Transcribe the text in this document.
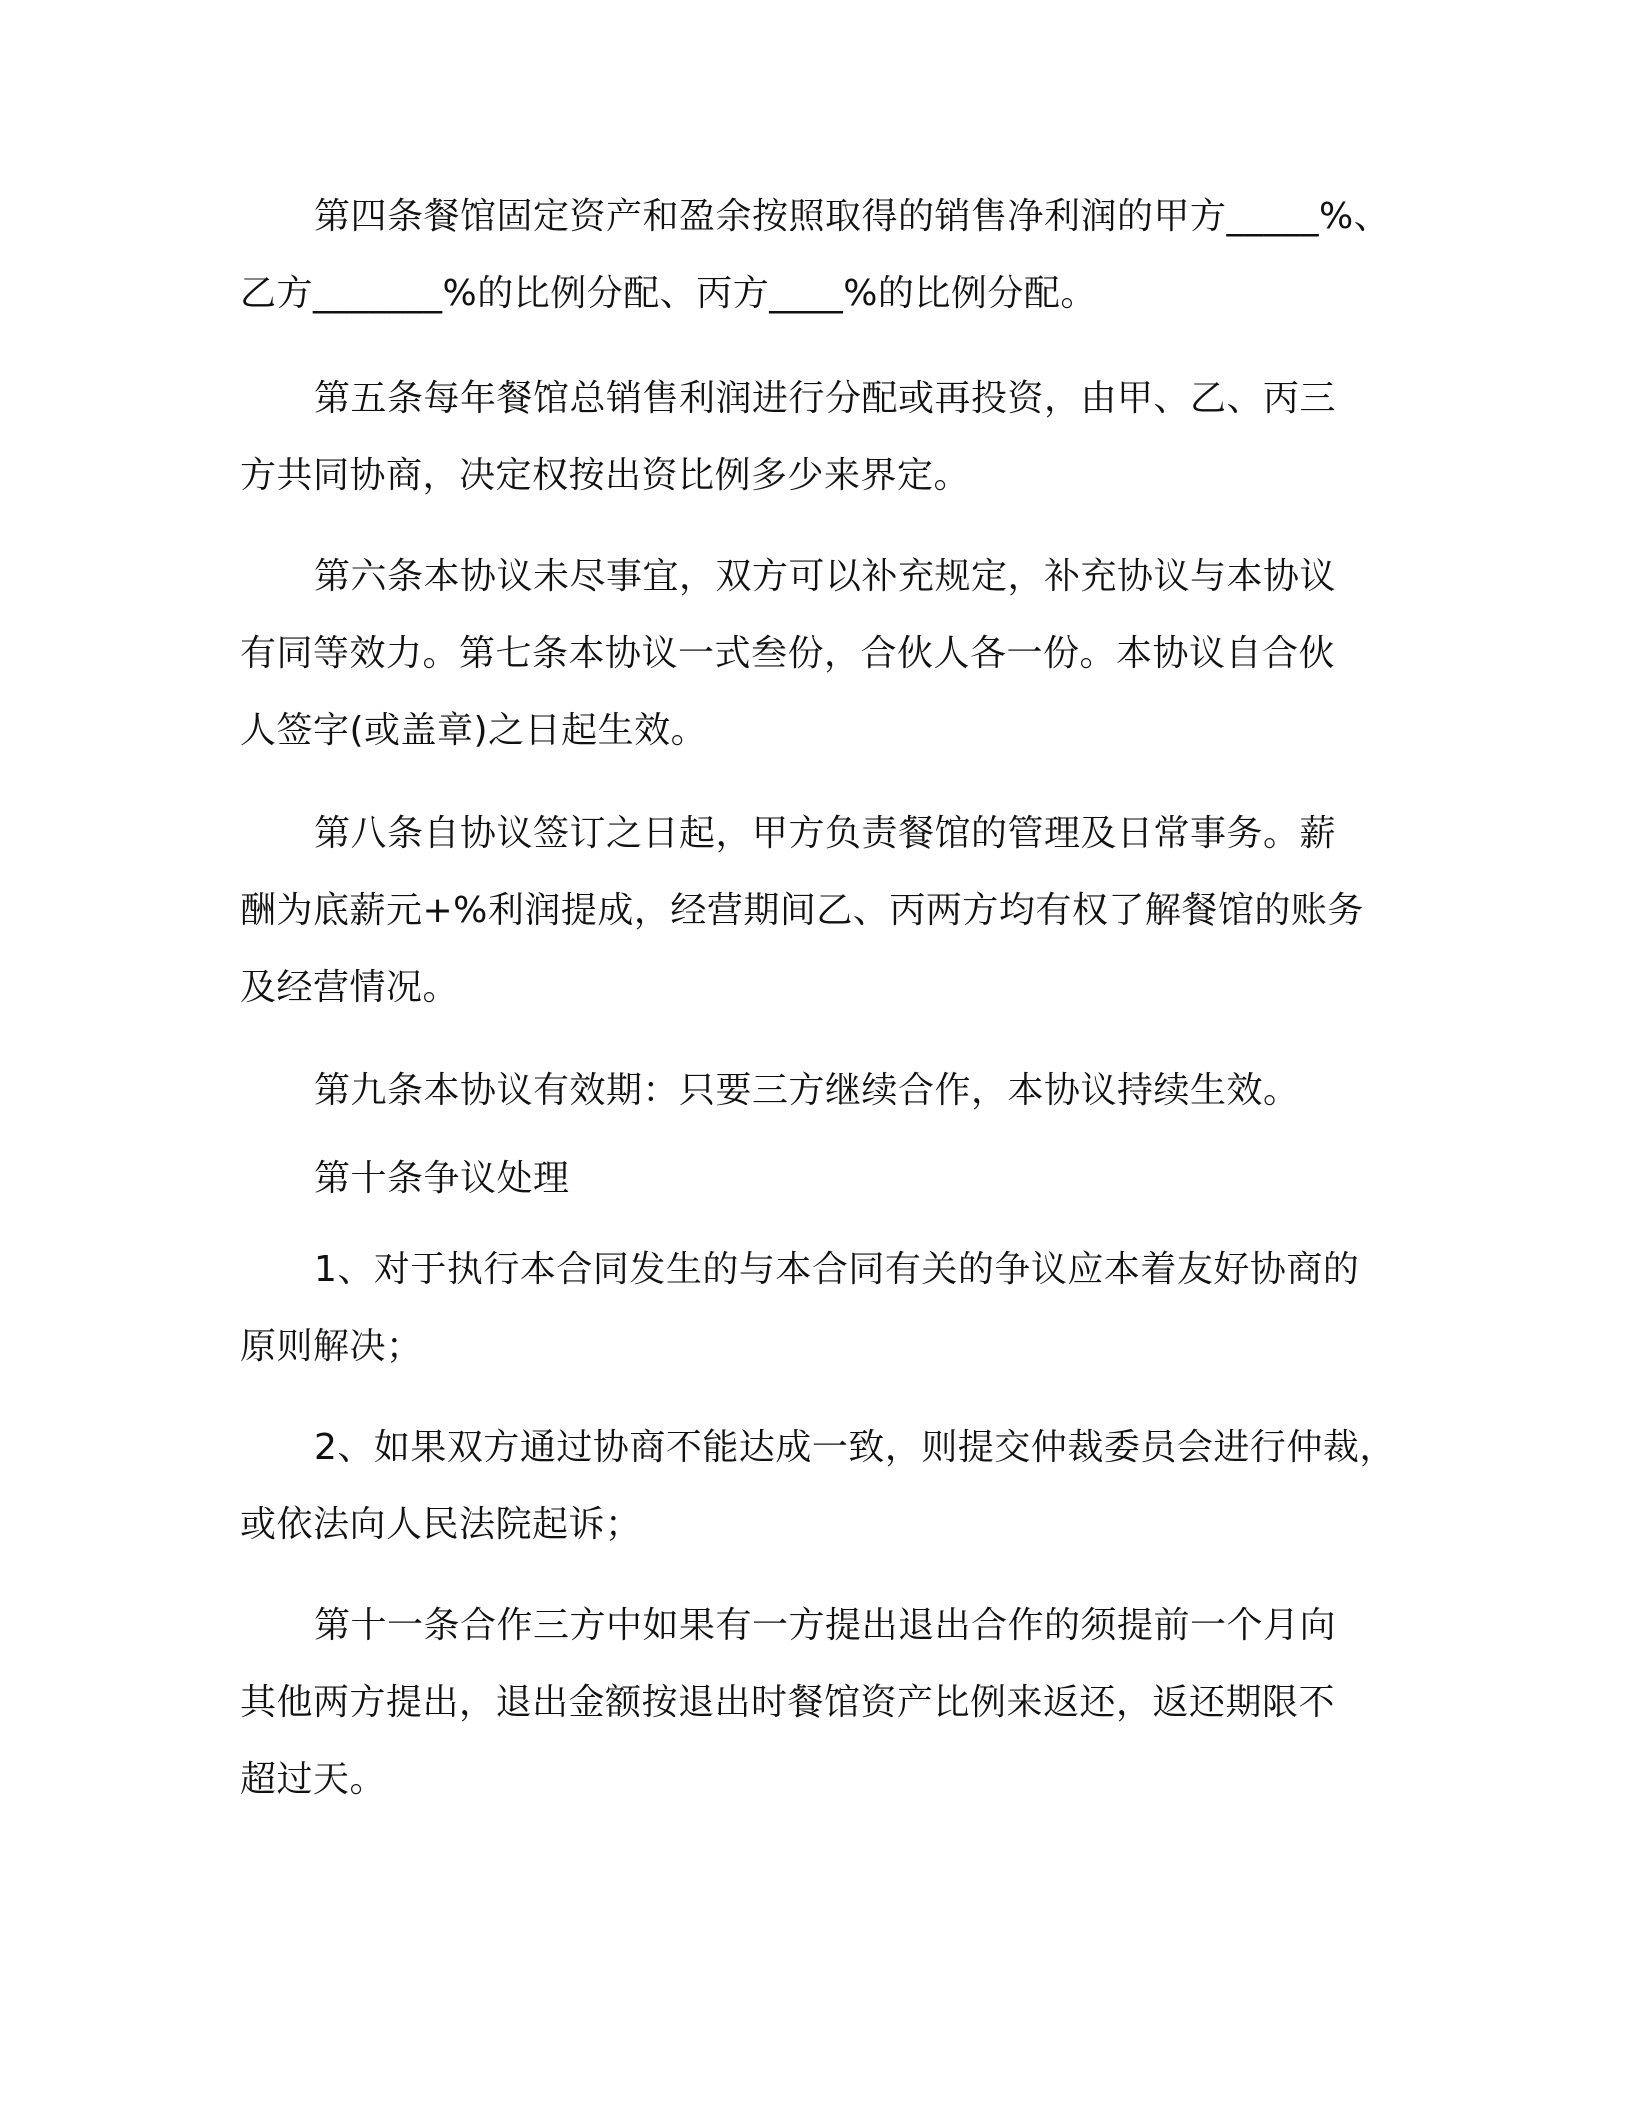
第四条餐馆固定资产和盈余按照取得的销售净利润的甲方_____%、
乙方_______%的比例分配、丙方____%的比例分配。
第五条每年餐馆总销售利润进行分配或再投资，由甲、乙、丙三
方共同协商，决定权按出资比例多少来界定。
第六条本协议未尽事宜，双方可以补充规定，补充协议与本协议
有同等效力。第七条本协议一式叁份，合伙人各一份。本协议自合伙
人签字(或盖章)之日起生效。
第八条自协议签订之日起，甲方负责餐馆的管理及日常事务。薪
酬为底薪元+%利润提成，经营期间乙、丙两方均有权了解餐馆的账务
及经营情况。
第九条本协议有效期：只要三方继续合作，本协议持续生效。
第十条争议处理
1、对于执行本合同发生的与本合同有关的争议应本着友好协商的
原则解决；
2、如果双方通过协商不能达成一致，则提交仲裁委员会进行仲裁，
或依法向人民法院起诉；
第十一条合作三方中如果有一方提出退出合作的须提前一个月向
其他两方提出，退出金额按退出时餐馆资产比例来返还，返还期限不
超过天。
